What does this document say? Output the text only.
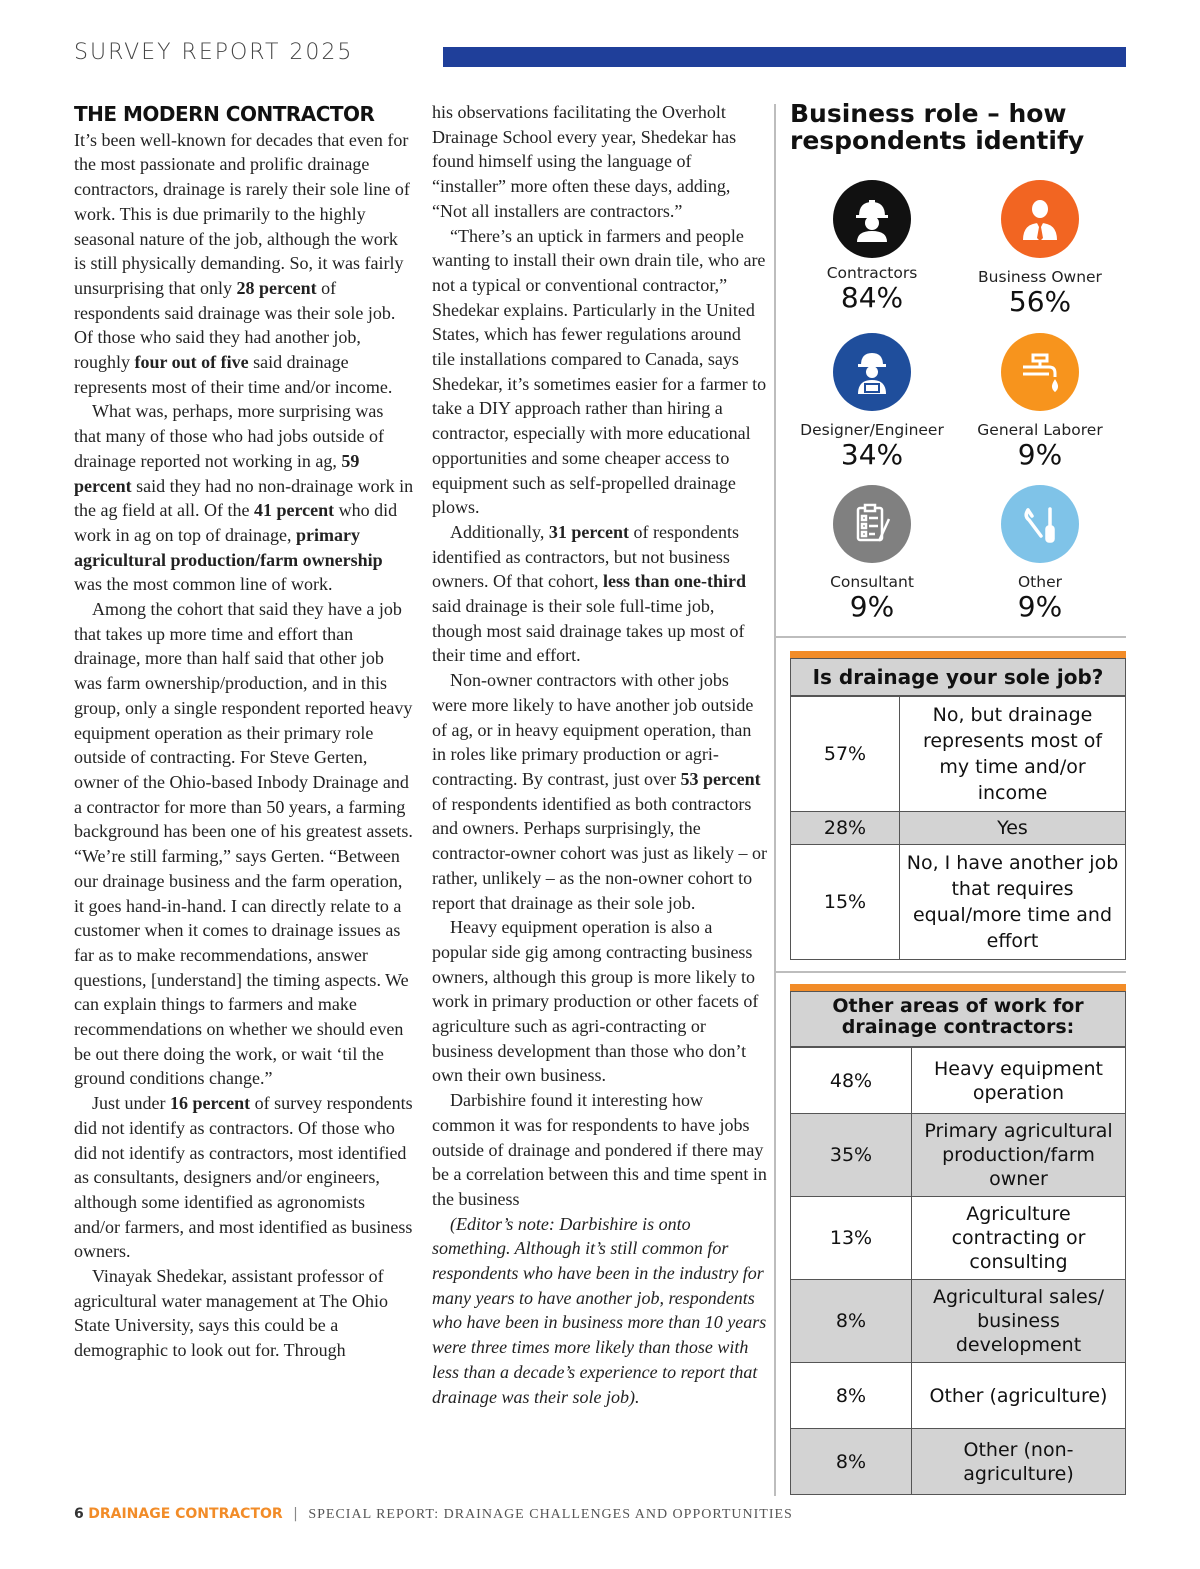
SURVEY REPORT 2025
THE MODERN CONTRACTOR

It’s been well-known for decades that even for the most passionate and prolific drainage contractors, drainage is rarely their sole line of work. This is due primarily to the highly seasonal nature of the job, although the work is still physically demanding. So, it was fairly unsurprising that only 28 percent of respondents said drainage was their sole job. Of those who said they had another job, roughly four out of five said drainage represents most of their time and/or income.

What was, perhaps, more surprising was that many of those who had jobs outside of drainage reported not working in ag, 59 percent said they had no non-drainage work in the ag field at all. Of the 41 percent who did work in ag on top of drainage, primary agricultural production/farm ownership was the most common line of work.

Among the cohort that said they have a job that takes up more time and effort than drainage, more than half said that other job was farm ownership/production, and in this group, only a single respondent reported heavy equipment operation as their primary role outside of contracting. For Steve Gerten, owner of the Ohio-based Inbody Drainage and a contractor for more than 50 years, a farming background has been one of his greatest assets. “We’re still farming,” says Gerten. “Between our drainage business and the farm operation, it goes hand-in-hand. I can directly relate to a customer when it comes to drainage issues as far as to make recommendations, answer questions, [understand] the timing aspects. We can explain things to farmers and make recommendations on whether we should even be out there doing the work, or wait ‘til the ground conditions change.”

Just under 16 percent of survey respondents did not identify as contractors. Of those who did not identify as contractors, most identified as consultants, designers and/or engineers, although some identified as agronomists and/or farmers, and most identified as business owners.

Vinayak Shedekar, assistant professor of agricultural water management at The Ohio State University, says this could be a demographic to look out for. Through

his observations facilitating the Overholt Drainage School every year, Shedekar has found himself using the language of “installer” more often these days, adding, “Not all installers are contractors.”

“There’s an uptick in farmers and people wanting to install their own drain tile, who are not a typical or conventional contractor,” Shedekar explains. Particularly in the United States, which has fewer regulations around tile installations compared to Canada, says Shedekar, it’s sometimes easier for a farmer to take a DIY approach rather than hiring a contractor, especially with more educational opportunities and some cheaper access to equipment such as self-propelled drainage plows.

Additionally, 31 percent of respondents identified as contractors, but not business owners. Of that cohort, less than one-third said drainage is their sole full-time job, though most said drainage takes up most of their time and effort.

Non-owner contractors with other jobs were more likely to have another job outside of ag, or in heavy equipment operation, than in roles like primary production or agri-contracting. By contrast, just over 53 percent of respondents identified as both contractors and owners. Perhaps surprisingly, the contractor-owner cohort was just as likely – or rather, unlikely – as the non-owner cohort to report that drainage as their sole job.

Heavy equipment operation is also a popular side gig among contracting business owners, although this group is more likely to work in primary production or other facets of agriculture such as agri-contracting or business development than those who don’t own their own business.

Darbishire found it interesting how common it was for respondents to have jobs outside of drainage and pondered if there may be a correlation between this and time spent in the business

(Editor’s note: Darbishire is onto something. Although it’s still common for respondents who have been in the industry for many years to have another job, respondents who have been in business more than 10 years were three times more likely than those with less than a decade’s experience to report that drainage was their sole job).

Business role – how respondents identify
Contractors
84%
Business Owner
56%
Designer/Engineer
34%
General Laborer
9%
Consultant
9%
Other
9%
Is drainage your sole job?
57%	No, but drainage represents most of my time and/or income
28%	Yes
15%	No, I have another job that requires equal/more time and effort
Other areas of work for drainage contractors:
48%	Heavy equipment operation
35%	Primary agricultural production/farm owner
13%	Agriculture contracting or consulting
8%	Agricultural sales/ business development
8%	Other (agriculture)
8%	Other (non-agriculture)
6 DRAINAGE CONTRACTOR | SPECIAL REPORT: DRAINAGE CHALLENGES AND OPPORTUNITIES
